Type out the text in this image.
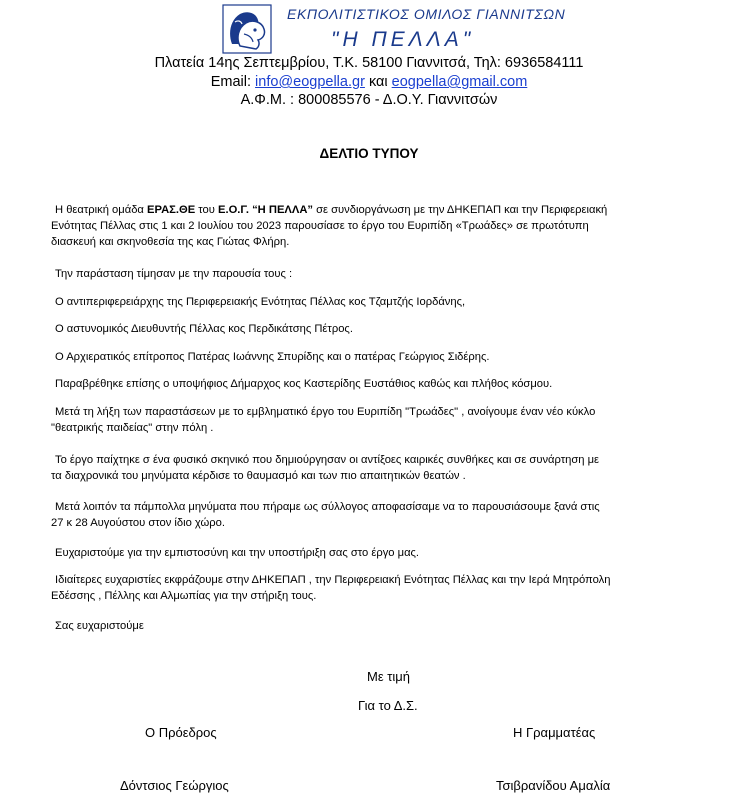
ΕΚΠΟΛΙΤΙΣΤΙΚΟΣ ΟΜΙΛΟΣ ΓΙΑΝΝΙΤΣΩΝ
"Η ΠΕΛΛΑ"
Πλατεία 14ης Σεπτεμβρίου, Τ.Κ. 58100 Γιαννιτσά, Τηλ: 6936584111
Email: info@eogpella.gr και eogpella@gmail.com
Α.Φ.Μ. : 800085576 - Δ.Ο.Υ. Γιαννιτσών
ΔΕΛΤΙΟ ΤΥΠΟΥ
Η θεατρική ομάδα ΕΡΑΣ.ΘΕ του Ε.Ο.Γ. “Η ΠΕΛΛΑ” σε συνδιοργάνωση με την ΔΗΚΕΠΑΠ και την Περιφερειακή
Ενότητας Πέλλας στις 1 και 2 Ιουλίου του 2023 παρουσίασε το έργο του Ευριπίδη «Τρωάδες» σε πρωτότυπη
διασκευή και σκηνοθεσία της κας Γιώτας Φλήρη.
Την παράσταση τίμησαν με την παρουσία τους :
Ο αντιπεριφερειάρχης της Περιφερειακής Ενότητας Πέλλας κος Τζαμτζής Ιορδάνης,
Ο αστυνομικός Διευθυντής Πέλλας κος Περδικάτσης Πέτρος.
Ο Αρχιερατικός επίτροπος Πατέρας Ιωάννης Σπυρίδης και ο πατέρας Γεώργιος Σιδέρης.
Παραβρέθηκε επίσης ο υποψήφιος Δήμαρχος κος Καστερίδης Ευστάθιος καθώς και πλήθος κόσμου.
Μετά τη λήξη των παραστάσεων με το εμβληματικό έργο του Ευριπίδη "Τρωάδες" , ανοίγουμε έναν νέο κύκλο
"θεατρικής παιδείας" στην πόλη .
Το έργο παίχτηκε σ ένα φυσικό σκηνικό που δημιούργησαν οι αντίξοες καιρικές συνθήκες και σε συνάρτηση με
τα διαχρονικά του μηνύματα κέρδισε το θαυμασμό και των πιο απαιτητικών θεατών .
Μετά λοιπόν τα πάμπολλα μηνύματα που πήραμε ως σύλλογος αποφασίσαμε να το παρουσιάσουμε ξανά στις
27 κ 28 Αυγούστου στον ίδιο χώρο.
Ευχαριστούμε για την εμπιστοσύνη και την υποστήριξη σας στο έργο μας.
Ιδιαίτερες ευχαριστίες εκφράζουμε στην ΔΗΚΕΠΑΠ , την Περιφερειακή Ενότητας Πέλλας και την Ιερά Μητρόπολη
Εδέσσης , Πέλλης και Αλμωπίας για την στήριξη τους.
Σας ευχαριστούμε
Με τιμή
Για το Δ.Σ.
Ο Πρόεδρος	Η Γραμματέας
Δόντσιος Γεώργιος	Τσιβρανίδου Αμαλία
